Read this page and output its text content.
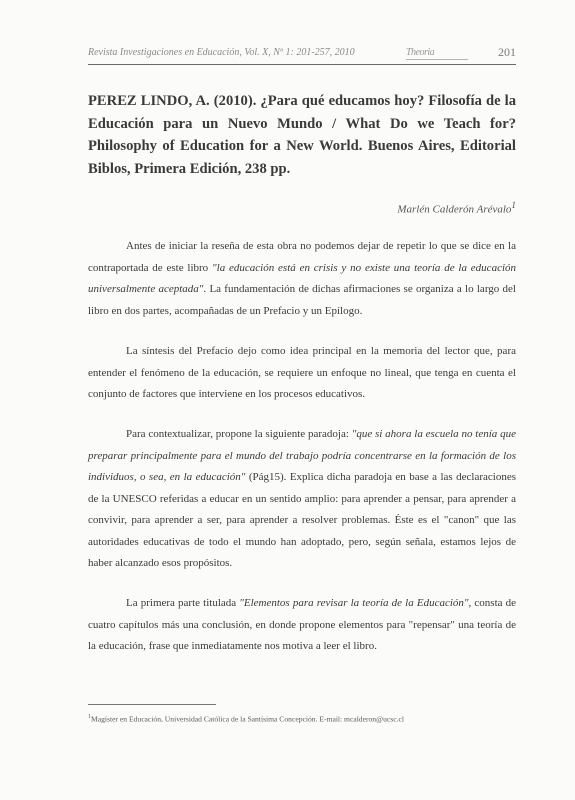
Revista Investigaciones en Educación, Vol. X, Nº 1: 201-257, 2010	Theoria	201
PEREZ LINDO, A. (2010). ¿Para qué educamos hoy? Filosofía de la Educación para un Nuevo Mundo / What Do we Teach for? Philosophy of Education for a New World. Buenos Aires, Editorial Biblos, Primera Edición, 238 pp.
Marlén Calderón Arévalo$^1$

Antes de iniciar la reseña de esta obra no podemos dejar de repetir lo que se dice en la contraportada de este libro "la educación está en crisis y no existe una teoría de la educación universalmente aceptada". La fundamentación de dichas afirmaciones se organiza a lo largo del libro en dos partes, acompañadas de un Prefacio y un Epílogo.

La síntesis del Prefacio dejo como idea principal en la memoria del lector que, para entender el fenómeno de la educación, se requiere un enfoque no lineal, que tenga en cuenta el conjunto de factores que interviene en los procesos educativos.

Para contextualizar, propone la siguiente paradoja: "que si ahora la escuela no tenía que preparar principalmente para el mundo del trabajo podría concentrarse en la formación de los individuos, o sea, en la educación" (Pág15). Explica dicha paradoja en base a las declaraciones de la UNESCO referidas a educar en un sentido amplio: para aprender a pensar, para aprender a convivir, para aprender a ser, para aprender a resolver problemas. Éste es el "canon" que las autoridades educativas de todo el mundo han adoptado, pero, según señala, estamos lejos de haber alcanzado esos propósitos.

La primera parte titulada "Elementos para revisar la teoría de la Educación", consta de cuatro capítulos más una conclusión, en donde propone elementos para "repensar" una teoría de la educación, frase que inmediatamente nos motiva a leer el libro.

$^1$Magíster en Educación, Universidad Católica de la Santísima Concepción. E-mail: mcalderon@ucsc.cl
